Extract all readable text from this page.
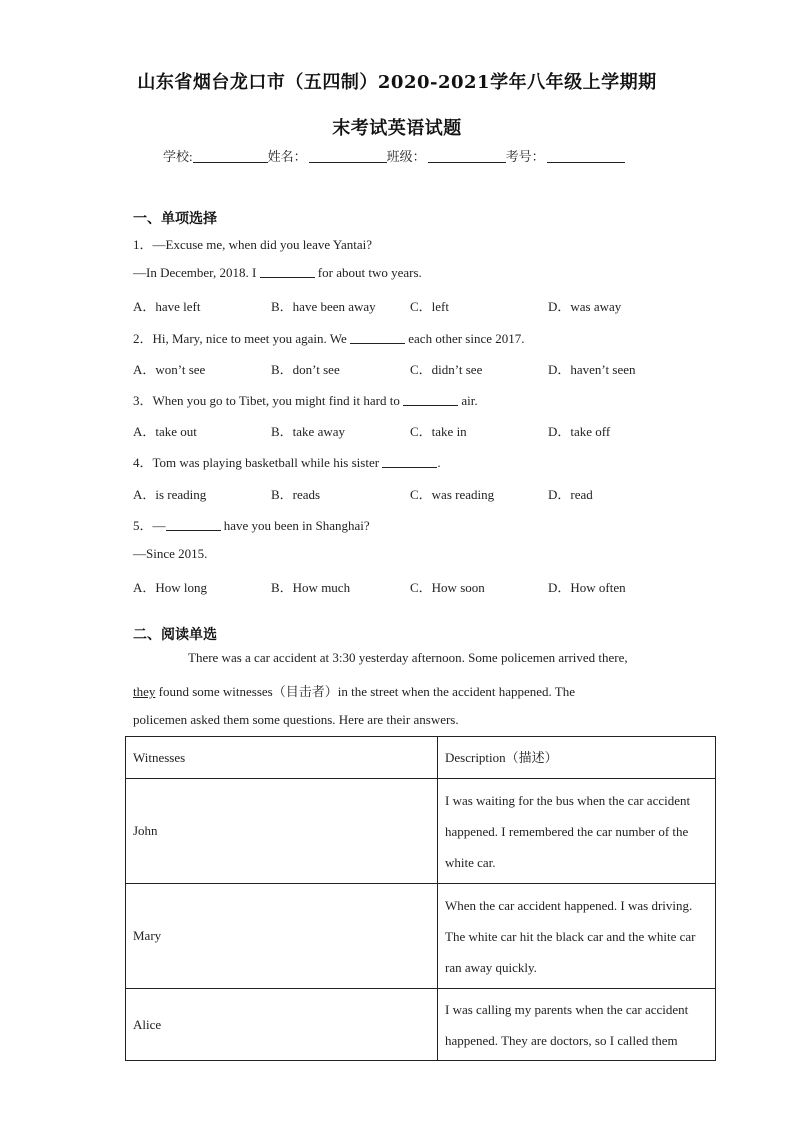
山东省烟台龙口市（五四制）2020-2021学年八年级上学期期
末考试英语试题
学校:	姓名：	班级：	考号：
一、单项选择
1．—Excuse me, when did you leave Yantai?
—In December, 2018. I	for about two years.
A．have left	B．have been away	C．left	D．was away
2．Hi, Mary, nice to meet you again. We	each other since 2017.
A．won’t see	B．don’t see	C．didn’t see	D．haven’t seen
3．When you go to Tibet, you might find it hard to	air.
A．take out	B．take away	C．take in	D．take off
4．Tom was playing basketball while his sister	.
A．is reading	B．reads	C．was reading	D．read
5．—	have you been in Shanghai?
—Since 2015.
A．How long	B．How much	C．How soon	D．How often
二、阅读单选
There was a car accident at 3:30 yesterday afternoon. Some policemen arrived there,
they found some witnesses（目击者）in the street when the accident happened. The
policemen asked them some questions. Here are their answers.
Witnesses	Description（描述）
John	I was waiting for the bus when the car accident happened. I remembered the car number of the white car.
Mary	When the car accident happened. I was driving. The white car hit the black car and the white car ran away quickly.
Alice	I was calling my parents when the car accident happened. They are doctors, so I called them
